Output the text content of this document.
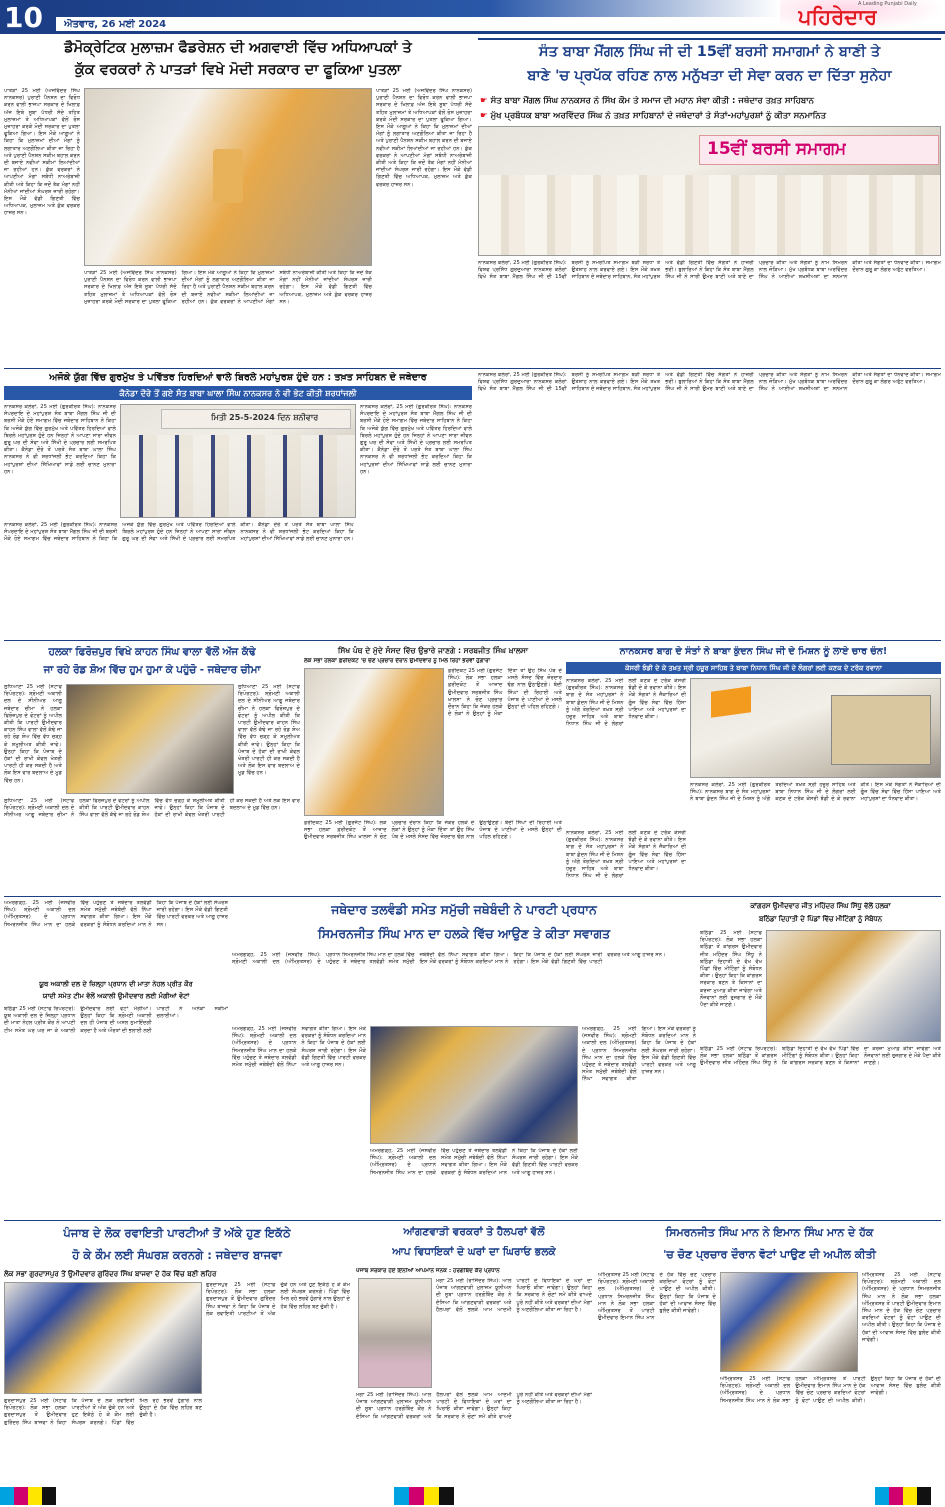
10 ਐਤਵਾਰ, 26 ਮਈ 2024
A Leading Punjabi Daily
ਪਹਿਰੇਦਾਰ
ਡੈਮੋਕ੍ਰੇਟਿਕ ਮੁਲਾਜ਼ਮ ਫੈਡਰੇਸ਼ਨ ਦੀ ਅਗਵਾਈ ਵਿੱਚ ਅਧਿਆਪਕਾਂ ਤੇ
ਕੁੱਕ ਵਰਕਰਾਂ ਨੇ ਪਾਤੜਾਂ ਵਿਖੇ ਮੋਦੀ ਸਰਕਾਰ ਦਾ ਫੂਕਿਆ ਪੁਤਲਾ
ਪਾਤੜਾਂ 25 ਮਈ (ਅਜਵਿੰਦਰ ਸਿੰਘ ਨਾਨਕਸਰ) ਪੁਰਾਣੀ ਪੈਨਸ਼ਨ ਦਾ ਵਿਰੋਧ ਕਰਨ ਵਾਲੀ ਭਾਜਪਾ ਸਰਕਾਰ ਦੇ ਖਿਲਾਫ਼ ਅੱਜ ਇਥੇ ਸੂਬਾ ਪੱਧਰੀ ਸੱਦੇ ਤਹਿਤ ਮੁਲਾਜ਼ਮਾਂ ਤੇ ਅਧਿਆਪਕਾਂ ਵੱਲੋਂ ਰੋਸ ਮੁਜ਼ਾਹਰਾ ਕਰਕੇ ਮੋਦੀ ਸਰਕਾਰ ਦਾ ਪੁਤਲਾ ਫੂਕਿਆ ਗਿਆ। ਇਸ ਮੌਕੇ ਆਗੂਆਂ ਨੇ ਕਿਹਾ ਕਿ ਮੁਲਾਜ਼ਮਾਂ ਦੀਆਂ ਮੰਗਾਂ ਨੂੰ ਲਗਾਤਾਰ ਅਣਗੌਲਿਆ ਕੀਤਾ ਜਾ ਰਿਹਾ ਹੈ ਅਤੇ ਪੁਰਾਣੀ ਪੈਨਸ਼ਨ ਸਕੀਮ ਬਹਾਲ ਕਰਨ ਦੀ ਬਜਾਏ ਨਵੀਆਂ ਸਕੀਮਾਂ ਲਿਆਂਦੀਆਂ ਜਾ ਰਹੀਆਂ ਹਨ। ਕੁੱਕ ਵਰਕਰਾਂ ਨੇ ਆਪਣੀਆਂ ਮੰਗਾਂ ਸਬੰਧੀ ਨਾਅਰੇਬਾਜ਼ੀ ਕੀਤੀ ਅਤੇ ਕਿਹਾ ਕਿ ਜਦੋਂ ਤੱਕ ਮੰਗਾਂ ਨਹੀਂ ਮੰਨੀਆਂ ਜਾਂਦੀਆਂ ਸੰਘਰਸ਼ ਜਾਰੀ ਰਹੇਗਾ। ਇਸ ਮੌਕੇ ਵੱਡੀ ਗਿਣਤੀ ਵਿੱਚ ਅਧਿਆਪਕ, ਮੁਲਾਜ਼ਮ ਅਤੇ ਕੁੱਕ ਵਰਕਰ ਹਾਜ਼ਰ ਸਨ।
ਪਾਤੜਾਂ 25 ਮਈ (ਅਜਵਿੰਦਰ ਸਿੰਘ ਨਾਨਕਸਰ) ਪੁਰਾਣੀ ਪੈਨਸ਼ਨ ਦਾ ਵਿਰੋਧ ਕਰਨ ਵਾਲੀ ਭਾਜਪਾ ਸਰਕਾਰ ਦੇ ਖਿਲਾਫ਼ ਅੱਜ ਇਥੇ ਸੂਬਾ ਪੱਧਰੀ ਸੱਦੇ ਤਹਿਤ ਮੁਲਾਜ਼ਮਾਂ ਤੇ ਅਧਿਆਪਕਾਂ ਵੱਲੋਂ ਰੋਸ ਮੁਜ਼ਾਹਰਾ ਕਰਕੇ ਮੋਦੀ ਸਰਕਾਰ ਦਾ ਪੁਤਲਾ ਫੂਕਿਆ ਗਿਆ। ਇਸ ਮੌਕੇ ਆਗੂਆਂ ਨੇ ਕਿਹਾ ਕਿ ਮੁਲਾਜ਼ਮਾਂ ਦੀਆਂ ਮੰਗਾਂ ਨੂੰ ਲਗਾਤਾਰ ਅਣਗੌਲਿਆ ਕੀਤਾ ਜਾ ਰਿਹਾ ਹੈ ਅਤੇ ਪੁਰਾਣੀ ਪੈਨਸ਼ਨ ਸਕੀਮ ਬਹਾਲ ਕਰਨ ਦੀ ਬਜਾਏ ਨਵੀਆਂ ਸਕੀਮਾਂ ਲਿਆਂਦੀਆਂ ਜਾ ਰਹੀਆਂ ਹਨ। ਕੁੱਕ ਵਰਕਰਾਂ ਨੇ ਆਪਣੀਆਂ ਮੰਗਾਂ ਸਬੰਧੀ ਨਾਅਰੇਬਾਜ਼ੀ ਕੀਤੀ ਅਤੇ ਕਿਹਾ ਕਿ ਜਦੋਂ ਤੱਕ ਮੰਗਾਂ ਨਹੀਂ ਮੰਨੀਆਂ ਜਾਂਦੀਆਂ ਸੰਘਰਸ਼ ਜਾਰੀ ਰਹੇਗਾ। ਇਸ ਮੌਕੇ ਵੱਡੀ ਗਿਣਤੀ ਵਿੱਚ ਅਧਿਆਪਕ, ਮੁਲਾਜ਼ਮ ਅਤੇ ਕੁੱਕ ਵਰਕਰ ਹਾਜ਼ਰ ਸਨ।
ਪਾਤੜਾਂ 25 ਮਈ (ਅਜਵਿੰਦਰ ਸਿੰਘ ਨਾਨਕਸਰ) ਪੁਰਾਣੀ ਪੈਨਸ਼ਨ ਦਾ ਵਿਰੋਧ ਕਰਨ ਵਾਲੀ ਭਾਜਪਾ ਸਰਕਾਰ ਦੇ ਖਿਲਾਫ਼ ਅੱਜ ਇਥੇ ਸੂਬਾ ਪੱਧਰੀ ਸੱਦੇ ਤਹਿਤ ਮੁਲਾਜ਼ਮਾਂ ਤੇ ਅਧਿਆਪਕਾਂ ਵੱਲੋਂ ਰੋਸ ਮੁਜ਼ਾਹਰਾ ਕਰਕੇ ਮੋਦੀ ਸਰਕਾਰ ਦਾ ਪੁਤਲਾ ਫੂਕਿਆ ਗਿਆ। ਇਸ ਮੌਕੇ ਆਗੂਆਂ ਨੇ ਕਿਹਾ ਕਿ ਮੁਲਾਜ਼ਮਾਂ ਦੀਆਂ ਮੰਗਾਂ ਨੂੰ ਲਗਾਤਾਰ ਅਣਗੌਲਿਆ ਕੀਤਾ ਜਾ ਰਿਹਾ ਹੈ ਅਤੇ ਪੁਰਾਣੀ ਪੈਨਸ਼ਨ ਸਕੀਮ ਬਹਾਲ ਕਰਨ ਦੀ ਬਜਾਏ ਨਵੀਆਂ ਸਕੀਮਾਂ ਲਿਆਂਦੀਆਂ ਜਾ ਰਹੀਆਂ ਹਨ। ਕੁੱਕ ਵਰਕਰਾਂ ਨੇ ਆਪਣੀਆਂ ਮੰਗਾਂ ਸਬੰਧੀ ਨਾਅਰੇਬਾਜ਼ੀ ਕੀਤੀ ਅਤੇ ਕਿਹਾ ਕਿ ਜਦੋਂ ਤੱਕ ਮੰਗਾਂ ਨਹੀਂ ਮੰਨੀਆਂ ਜਾਂਦੀਆਂ ਸੰਘਰਸ਼ ਜਾਰੀ ਰਹੇਗਾ। ਇਸ ਮੌਕੇ ਵੱਡੀ ਗਿਣਤੀ ਵਿੱਚ ਅਧਿਆਪਕ, ਮੁਲਾਜ਼ਮ ਅਤੇ ਕੁੱਕ ਵਰਕਰ ਹਾਜ਼ਰ ਸਨ।
ਸੰਤ ਬਾਬਾ ਮੈਂਗਲ ਸਿੰਘ ਜੀ ਦੀ 15ਵੀਂ ਬਰਸੀ ਸਮਾਗਮਾਂ ਨੇ ਬਾਣੀ ਤੇ
ਬਾਣੇ 'ਚ ਪ੍ਰਪੱਕ ਰਹਿਣ ਨਾਲ ਮਨੁੱਖਤਾ ਦੀ ਸੇਵਾ ਕਰਨ ਦਾ ਦਿੱਤਾ ਸੁਨੇਹਾ
☛ ਸੰਤ ਬਾਬਾ ਮੈਂਗਲ ਸਿੰਘ ਨਾਨਕਸਰ ਨੇ ਸਿੱਖ ਕੌਮ ਤੇ ਸਮਾਜ ਦੀ ਮਹਾਨ ਸੇਵਾ ਕੀਤੀ : ਜਥੇਦਾਰ ਤਖ਼ਤ ਸਾਹਿਬਾਨ
☛ ਮੁੱਖ ਪ੍ਰਬੰਧਕ ਬਾਬਾ ਅਰਵਿੰਦਰ ਸਿੰਘ ਨੇ ਤਖ਼ਤ ਸਾਹਿਬਾਨਾਂ ਦੇ ਜਥੇਦਾਰਾਂ ਤੇ ਸੰਤਾਂ-ਮਹਾਂਪੁਰਸ਼ਾਂ ਨੂੰ ਕੀਤਾ ਸਨਮਾਨਿਤ
15ਵੀਂ ਬਰਸੀ ਸਮਾਗਮ
ਨਾਨਕਸਰ ਕਲੇਰਾਂ, 25 ਮਈ (ਗੁਰਕੀਰਤ ਸਿੰਘ): ਵਿਸ਼ਵ ਪ੍ਰਸਿੱਧ ਗੁਰਦੁਆਰਾ ਨਾਨਕਸਰ ਕਲੇਰਾਂ ਵਿਖੇ ਸੰਤ ਬਾਬਾ ਮੈਂਗਲ ਸਿੰਘ ਜੀ ਦੀ 15ਵੀਂ ਬਰਸੀ ਨੂੰ ਸਮਰਪਿਤ ਸਮਾਗਮ ਬੜੀ ਸ਼ਰਧਾ ਤੇ ਉਤਸ਼ਾਹ ਨਾਲ ਕਰਵਾਏ ਗਏ। ਇਸ ਮੌਕੇ ਤਖ਼ਤ ਸਾਹਿਬਾਨ ਦੇ ਜਥੇਦਾਰ ਸਾਹਿਬਾਨ, ਸੰਤ ਮਹਾਂਪੁਰਸ਼ ਅਤੇ ਵੱਡੀ ਗਿਣਤੀ ਵਿੱਚ ਸੰਗਤਾਂ ਨੇ ਹਾਜ਼ਰੀ ਭਰੀ। ਬੁਲਾਰਿਆਂ ਨੇ ਕਿਹਾ ਕਿ ਸੰਤ ਬਾਬਾ ਮੈਂਗਲ ਸਿੰਘ ਜੀ ਨੇ ਸਾਰੀ ਉਮਰ ਬਾਣੀ ਅਤੇ ਬਾਣੇ ਦਾ ਪ੍ਰਚਾਰ ਕੀਤਾ ਅਤੇ ਸੰਗਤਾਂ ਨੂੰ ਨਾਮ ਸਿਮਰਨ ਨਾਲ ਜੋੜਿਆ। ਮੁੱਖ ਪ੍ਰਬੰਧਕ ਬਾਬਾ ਅਰਵਿੰਦਰ ਸਿੰਘ ਨੇ ਆਈਆਂ ਸ਼ਖ਼ਸੀਅਤਾਂ ਦਾ ਸਨਮਾਨ ਕੀਤਾ ਅਤੇ ਸੰਗਤਾਂ ਦਾ ਧੰਨਵਾਦ ਕੀਤਾ। ਸਮਾਗਮ ਦੌਰਾਨ ਗੁਰੂ ਕਾ ਲੰਗਰ ਅਤੁੱਟ ਵਰਤਿਆ।
ਅਜੋਕੇ ਯੁੱਗ ਵਿੱਚ ਗੁਰਮੁੱਖ ਤੇ ਪਵਿੱਤਰ ਹਿਰਦਿਆਂ ਵਾਲੇ ਬਿਰਲੇ ਮਹਾਂਪੁਰਸ਼ ਹੁੰਦੇ ਹਨ : ਤਖ਼ਤ ਸਾਹਿਬਨ ਦੇ ਜਥੇਦਾਰ
ਕੈਨੇਡਾ ਦੌਰੇ ਤੋਂ ਗਏ ਸੰਤ ਬਾਬਾ ਘਾਲਾ ਸਿੰਘ ਨਾਨਕਸਰ ਨੇ ਵੀ ਭੇਟ ਕੀਤੀ ਸ਼ਰਧਾਂਜਲੀ
ਨਾਨਕਸਰ ਕਲੇਰਾਂ, 25 ਮਈ (ਗੁਰਕੀਰਤ ਸਿੰਘ): ਨਾਨਕਸਰ ਸੰਪਰਦਾਇ ਦੇ ਮਹਾਂਪੁਰਸ਼ ਸੰਤ ਬਾਬਾ ਮੈਂਗਲ ਸਿੰਘ ਜੀ ਦੀ ਬਰਸੀ ਮੌਕੇ ਹੋਏ ਸਮਾਗਮ ਵਿੱਚ ਜਥੇਦਾਰ ਸਾਹਿਬਾਨ ਨੇ ਕਿਹਾ ਕਿ ਅਜੋਕੇ ਯੁੱਗ ਵਿੱਚ ਗੁਰਮੁੱਖ ਅਤੇ ਪਵਿੱਤਰ ਹਿਰਦਿਆਂ ਵਾਲੇ ਬਿਰਲੇ ਮਹਾਂਪੁਰਸ਼ ਹੁੰਦੇ ਹਨ ਜਿਨ੍ਹਾਂ ਨੇ ਆਪਣਾ ਸਾਰਾ ਜੀਵਨ ਗੁਰੂ ਘਰ ਦੀ ਸੇਵਾ ਅਤੇ ਸਿੱਖੀ ਦੇ ਪ੍ਰਚਾਰ ਲਈ ਸਮਰਪਿਤ ਕੀਤਾ। ਕੈਨੇਡਾ ਦੌਰੇ ਤੋਂ ਪਰਤੇ ਸੰਤ ਬਾਬਾ ਘਾਲਾ ਸਿੰਘ ਨਾਨਕਸਰ ਨੇ ਵੀ ਸ਼ਰਧਾਂਜਲੀ ਭੇਟ ਕਰਦਿਆਂ ਕਿਹਾ ਕਿ ਮਹਾਂਪੁਰਸ਼ਾਂ ਦੀਆਂ ਸਿੱਖਿਆਵਾਂ ਸਾਡੇ ਲਈ ਚਾਨਣ ਮੁਨਾਰਾ ਹਨ।
ਮਿਤੀ 25-5-2024 ਦਿਨ ਸ਼ਨੀਵਾਰ
ਨਾਨਕਸਰ ਕਲੇਰਾਂ, 25 ਮਈ (ਗੁਰਕੀਰਤ ਸਿੰਘ): ਨਾਨਕਸਰ ਸੰਪਰਦਾਇ ਦੇ ਮਹਾਂਪੁਰਸ਼ ਸੰਤ ਬਾਬਾ ਮੈਂਗਲ ਸਿੰਘ ਜੀ ਦੀ ਬਰਸੀ ਮੌਕੇ ਹੋਏ ਸਮਾਗਮ ਵਿੱਚ ਜਥੇਦਾਰ ਸਾਹਿਬਾਨ ਨੇ ਕਿਹਾ ਕਿ ਅਜੋਕੇ ਯੁੱਗ ਵਿੱਚ ਗੁਰਮੁੱਖ ਅਤੇ ਪਵਿੱਤਰ ਹਿਰਦਿਆਂ ਵਾਲੇ ਬਿਰਲੇ ਮਹਾਂਪੁਰਸ਼ ਹੁੰਦੇ ਹਨ ਜਿਨ੍ਹਾਂ ਨੇ ਆਪਣਾ ਸਾਰਾ ਜੀਵਨ ਗੁਰੂ ਘਰ ਦੀ ਸੇਵਾ ਅਤੇ ਸਿੱਖੀ ਦੇ ਪ੍ਰਚਾਰ ਲਈ ਸਮਰਪਿਤ ਕੀਤਾ। ਕੈਨੇਡਾ ਦੌਰੇ ਤੋਂ ਪਰਤੇ ਸੰਤ ਬਾਬਾ ਘਾਲਾ ਸਿੰਘ ਨਾਨਕਸਰ ਨੇ ਵੀ ਸ਼ਰਧਾਂਜਲੀ ਭੇਟ ਕਰਦਿਆਂ ਕਿਹਾ ਕਿ ਮਹਾਂਪੁਰਸ਼ਾਂ ਦੀਆਂ ਸਿੱਖਿਆਵਾਂ ਸਾਡੇ ਲਈ ਚਾਨਣ ਮੁਨਾਰਾ ਹਨ।
ਨਾਨਕਸਰ ਕਲੇਰਾਂ, 25 ਮਈ (ਗੁਰਕੀਰਤ ਸਿੰਘ): ਨਾਨਕਸਰ ਸੰਪਰਦਾਇ ਦੇ ਮਹਾਂਪੁਰਸ਼ ਸੰਤ ਬਾਬਾ ਮੈਂਗਲ ਸਿੰਘ ਜੀ ਦੀ ਬਰਸੀ ਮੌਕੇ ਹੋਏ ਸਮਾਗਮ ਵਿੱਚ ਜਥੇਦਾਰ ਸਾਹਿਬਾਨ ਨੇ ਕਿਹਾ ਕਿ ਅਜੋਕੇ ਯੁੱਗ ਵਿੱਚ ਗੁਰਮੁੱਖ ਅਤੇ ਪਵਿੱਤਰ ਹਿਰਦਿਆਂ ਵਾਲੇ ਬਿਰਲੇ ਮਹਾਂਪੁਰਸ਼ ਹੁੰਦੇ ਹਨ ਜਿਨ੍ਹਾਂ ਨੇ ਆਪਣਾ ਸਾਰਾ ਜੀਵਨ ਗੁਰੂ ਘਰ ਦੀ ਸੇਵਾ ਅਤੇ ਸਿੱਖੀ ਦੇ ਪ੍ਰਚਾਰ ਲਈ ਸਮਰਪਿਤ ਕੀਤਾ। ਕੈਨੇਡਾ ਦੌਰੇ ਤੋਂ ਪਰਤੇ ਸੰਤ ਬਾਬਾ ਘਾਲਾ ਸਿੰਘ ਨਾਨਕਸਰ ਨੇ ਵੀ ਸ਼ਰਧਾਂਜਲੀ ਭੇਟ ਕਰਦਿਆਂ ਕਿਹਾ ਕਿ ਮਹਾਂਪੁਰਸ਼ਾਂ ਦੀਆਂ ਸਿੱਖਿਆਵਾਂ ਸਾਡੇ ਲਈ ਚਾਨਣ ਮੁਨਾਰਾ ਹਨ।
ਨਾਨਕਸਰ ਕਲੇਰਾਂ, 25 ਮਈ (ਗੁਰਕੀਰਤ ਸਿੰਘ): ਵਿਸ਼ਵ ਪ੍ਰਸਿੱਧ ਗੁਰਦੁਆਰਾ ਨਾਨਕਸਰ ਕਲੇਰਾਂ ਵਿਖੇ ਸੰਤ ਬਾਬਾ ਮੈਂਗਲ ਸਿੰਘ ਜੀ ਦੀ 15ਵੀਂ ਬਰਸੀ ਨੂੰ ਸਮਰਪਿਤ ਸਮਾਗਮ ਬੜੀ ਸ਼ਰਧਾ ਤੇ ਉਤਸ਼ਾਹ ਨਾਲ ਕਰਵਾਏ ਗਏ। ਇਸ ਮੌਕੇ ਤਖ਼ਤ ਸਾਹਿਬਾਨ ਦੇ ਜਥੇਦਾਰ ਸਾਹਿਬਾਨ, ਸੰਤ ਮਹਾਂਪੁਰਸ਼ ਅਤੇ ਵੱਡੀ ਗਿਣਤੀ ਵਿੱਚ ਸੰਗਤਾਂ ਨੇ ਹਾਜ਼ਰੀ ਭਰੀ। ਬੁਲਾਰਿਆਂ ਨੇ ਕਿਹਾ ਕਿ ਸੰਤ ਬਾਬਾ ਮੈਂਗਲ ਸਿੰਘ ਜੀ ਨੇ ਸਾਰੀ ਉਮਰ ਬਾਣੀ ਅਤੇ ਬਾਣੇ ਦਾ ਪ੍ਰਚਾਰ ਕੀਤਾ ਅਤੇ ਸੰਗਤਾਂ ਨੂੰ ਨਾਮ ਸਿਮਰਨ ਨਾਲ ਜੋੜਿਆ। ਮੁੱਖ ਪ੍ਰਬੰਧਕ ਬਾਬਾ ਅਰਵਿੰਦਰ ਸਿੰਘ ਨੇ ਆਈਆਂ ਸ਼ਖ਼ਸੀਅਤਾਂ ਦਾ ਸਨਮਾਨ ਕੀਤਾ ਅਤੇ ਸੰਗਤਾਂ ਦਾ ਧੰਨਵਾਦ ਕੀਤਾ। ਸਮਾਗਮ ਦੌਰਾਨ ਗੁਰੂ ਕਾ ਲੰਗਰ ਅਤੁੱਟ ਵਰਤਿਆ।
ਹਲਕਾ ਫਿਰੋਜ਼ਪੁਰ ਵਿਖੇ ਕਾਹਨ ਸਿੰਘ ਵਾਲਾ ਵੱਲੋਂ ਅੱਜ ਕੱਢੇ
ਜਾ ਰਹੇ ਰੋਡ ਸ਼ੋਅ ਵਿੱਚ ਹੁਮ ਹੁਮਾ ਕੇ ਪਹੁੰਚੋ - ਜਥੇਦਾਰ ਚੀਮਾ
ਲੁਧਿਆਣਾ 25 ਮਈ (ਸਟਾਫ ਰਿਪੋਰਟਰ): ਸ਼੍ਰੋਮਣੀ ਅਕਾਲੀ ਦਲ ਦੇ ਸੀਨੀਅਰ ਆਗੂ ਜਥੇਦਾਰ ਚੀਮਾ ਨੇ ਹਲਕਾ ਫਿਰੋਜ਼ਪੁਰ ਦੇ ਵੋਟਰਾਂ ਨੂੰ ਅਪੀਲ ਕੀਤੀ ਕਿ ਪਾਰਟੀ ਉਮੀਦਵਾਰ ਕਾਹਨ ਸਿੰਘ ਵਾਲਾ ਵੱਲੋਂ ਕੱਢੇ ਜਾ ਰਹੇ ਰੋਡ ਸ਼ੋਅ ਵਿੱਚ ਵੱਧ ਚੜ੍ਹ ਕੇ ਸ਼ਮੂਲੀਅਤ ਕੀਤੀ ਜਾਵੇ। ਉਨ੍ਹਾਂ ਕਿਹਾ ਕਿ ਪੰਜਾਬ ਦੇ ਹੱਕਾਂ ਦੀ ਰਾਖੀ ਕੇਵਲ ਖੇਤਰੀ ਪਾਰਟੀ ਹੀ ਕਰ ਸਕਦੀ ਹੈ ਅਤੇ ਲੋਕ ਇਸ ਵਾਰ ਬਦਲਾਅ ਦੇ ਮੂਡ ਵਿੱਚ ਹਨ।
ਲੁਧਿਆਣਾ 25 ਮਈ (ਸਟਾਫ ਰਿਪੋਰਟਰ): ਸ਼੍ਰੋਮਣੀ ਅਕਾਲੀ ਦਲ ਦੇ ਸੀਨੀਅਰ ਆਗੂ ਜਥੇਦਾਰ ਚੀਮਾ ਨੇ ਹਲਕਾ ਫਿਰੋਜ਼ਪੁਰ ਦੇ ਵੋਟਰਾਂ ਨੂੰ ਅਪੀਲ ਕੀਤੀ ਕਿ ਪਾਰਟੀ ਉਮੀਦਵਾਰ ਕਾਹਨ ਸਿੰਘ ਵਾਲਾ ਵੱਲੋਂ ਕੱਢੇ ਜਾ ਰਹੇ ਰੋਡ ਸ਼ੋਅ ਵਿੱਚ ਵੱਧ ਚੜ੍ਹ ਕੇ ਸ਼ਮੂਲੀਅਤ ਕੀਤੀ ਜਾਵੇ। ਉਨ੍ਹਾਂ ਕਿਹਾ ਕਿ ਪੰਜਾਬ ਦੇ ਹੱਕਾਂ ਦੀ ਰਾਖੀ ਕੇਵਲ ਖੇਤਰੀ ਪਾਰਟੀ ਹੀ ਕਰ ਸਕਦੀ ਹੈ ਅਤੇ ਲੋਕ ਇਸ ਵਾਰ ਬਦਲਾਅ ਦੇ ਮੂਡ ਵਿੱਚ ਹਨ।
ਲੁਧਿਆਣਾ 25 ਮਈ (ਸਟਾਫ ਰਿਪੋਰਟਰ): ਸ਼੍ਰੋਮਣੀ ਅਕਾਲੀ ਦਲ ਦੇ ਸੀਨੀਅਰ ਆਗੂ ਜਥੇਦਾਰ ਚੀਮਾ ਨੇ ਹਲਕਾ ਫਿਰੋਜ਼ਪੁਰ ਦੇ ਵੋਟਰਾਂ ਨੂੰ ਅਪੀਲ ਕੀਤੀ ਕਿ ਪਾਰਟੀ ਉਮੀਦਵਾਰ ਕਾਹਨ ਸਿੰਘ ਵਾਲਾ ਵੱਲੋਂ ਕੱਢੇ ਜਾ ਰਹੇ ਰੋਡ ਸ਼ੋਅ ਵਿੱਚ ਵੱਧ ਚੜ੍ਹ ਕੇ ਸ਼ਮੂਲੀਅਤ ਕੀਤੀ ਜਾਵੇ। ਉਨ੍ਹਾਂ ਕਿਹਾ ਕਿ ਪੰਜਾਬ ਦੇ ਹੱਕਾਂ ਦੀ ਰਾਖੀ ਕੇਵਲ ਖੇਤਰੀ ਪਾਰਟੀ ਹੀ ਕਰ ਸਕਦੀ ਹੈ ਅਤੇ ਲੋਕ ਇਸ ਵਾਰ ਬਦਲਾਅ ਦੇ ਮੂਡ ਵਿੱਚ ਹਨ।
ਸਿੱਖ ਪੰਥ ਦੇ ਮੁੱਦੇ ਸੰਸਦ ਵਿੱਚ ਉਭਾਰੇ ਜਾਣਗੇ : ਸਰਬਜੀਤ ਸਿੰਘ ਖ਼ਾਲਸਾ
ਲੋਕ ਸਭਾ ਹਲਕਾ ਫ਼ਰੀਦਕੋਟ 'ਚ ਚੋਣ ਪ੍ਰਚਾਰ ਦੌਰਾਨ ਉਮੀਦਵਾਰ ਨੂੰ ਮਿਲ ਰਿਹਾ ਭਰਵਾਂ ਹੁੰਗਾਰਾ
ਫ਼ਰੀਦਕੋਟ 25 ਮਈ (ਗੁਰਜੰਟ ਸਿੰਘ): ਲੋਕ ਸਭਾ ਹਲਕਾ ਫ਼ਰੀਦਕੋਟ ਤੋਂ ਆਜ਼ਾਦ ਉਮੀਦਵਾਰ ਸਰਬਜੀਤ ਸਿੰਘ ਖ਼ਾਲਸਾ ਨੇ ਚੋਣ ਪ੍ਰਚਾਰ ਦੌਰਾਨ ਕਿਹਾ ਕਿ ਜੇਕਰ ਹਲਕੇ ਦੇ ਲੋਕਾਂ ਨੇ ਉਨ੍ਹਾਂ ਨੂੰ ਮੌਕਾ ਦਿੱਤਾ ਤਾਂ ਉਹ ਸਿੱਖ ਪੰਥ ਦੇ ਮਸਲੇ ਸੰਸਦ ਵਿੱਚ ਜ਼ੋਰਦਾਰ ਢੰਗ ਨਾਲ ਉਠਾਉਣਗੇ। ਬੰਦੀ ਸਿੰਘਾਂ ਦੀ ਰਿਹਾਈ ਅਤੇ ਪੰਜਾਬ ਦੇ ਪਾਣੀਆਂ ਦੇ ਮਸਲੇ ਉਨ੍ਹਾਂ ਦੀ ਪਹਿਲ ਰਹਿਣਗੇ।
ਫ਼ਰੀਦਕੋਟ 25 ਮਈ (ਗੁਰਜੰਟ ਸਿੰਘ): ਲੋਕ ਸਭਾ ਹਲਕਾ ਫ਼ਰੀਦਕੋਟ ਤੋਂ ਆਜ਼ਾਦ ਉਮੀਦਵਾਰ ਸਰਬਜੀਤ ਸਿੰਘ ਖ਼ਾਲਸਾ ਨੇ ਚੋਣ ਪ੍ਰਚਾਰ ਦੌਰਾਨ ਕਿਹਾ ਕਿ ਜੇਕਰ ਹਲਕੇ ਦੇ ਲੋਕਾਂ ਨੇ ਉਨ੍ਹਾਂ ਨੂੰ ਮੌਕਾ ਦਿੱਤਾ ਤਾਂ ਉਹ ਸਿੱਖ ਪੰਥ ਦੇ ਮਸਲੇ ਸੰਸਦ ਵਿੱਚ ਜ਼ੋਰਦਾਰ ਢੰਗ ਨਾਲ ਉਠਾਉਣਗੇ। ਬੰਦੀ ਸਿੰਘਾਂ ਦੀ ਰਿਹਾਈ ਅਤੇ ਪੰਜਾਬ ਦੇ ਪਾਣੀਆਂ ਦੇ ਮਸਲੇ ਉਨ੍ਹਾਂ ਦੀ ਪਹਿਲ ਰਹਿਣਗੇ।
ਨਾਨਕਸਰ ਬਾਗ ਦੇ ਸੰਤਾਂ ਨੇ ਬਾਬਾ ਕੁੰਦਨ ਸਿੰਘ ਜੀ ਦੇ ਮਿਸ਼ਨ ਨੂੰ ਲਾਏ ਚਾਰ ਚੰਨ!
ਕੇਸਰੀ ਝੰਡੀ ਦੇ ਕੇ ਤਖ਼ਤ ਸ੍ਰੀ ਹਜ਼ੂਰ ਸਾਹਿਬ ਤੇ ਬਾਬਾ ਨਿਧਾਨ ਸਿੰਘ ਜੀ ਦੇ ਲੰਗਰਾਂ ਲਈ ਕਣਕ ਦੇ ਟਰੱਕ ਰਵਾਨਾ
ਨਾਨਕਸਰ ਕਲੇਰਾਂ, 25 ਮਈ (ਗੁਰਕੀਰਤ ਸਿੰਘ): ਨਾਨਕਸਰ ਬਾਗ ਦੇ ਸੰਤ ਮਹਾਂਪੁਰਸ਼ਾਂ ਨੇ ਬਾਬਾ ਕੁੰਦਨ ਸਿੰਘ ਜੀ ਦੇ ਮਿਸ਼ਨ ਨੂੰ ਅੱਗੇ ਤੋਰਦਿਆਂ ਤਖ਼ਤ ਸ੍ਰੀ ਹਜ਼ੂਰ ਸਾਹਿਬ ਅਤੇ ਬਾਬਾ ਨਿਧਾਨ ਸਿੰਘ ਜੀ ਦੇ ਲੰਗਰਾਂ ਲਈ ਕਣਕ ਦੇ ਟਰੱਕ ਕੇਸਰੀ ਝੰਡੀ ਦੇ ਕੇ ਰਵਾਨਾ ਕੀਤੇ। ਇਸ ਮੌਕੇ ਸੰਗਤਾਂ ਨੇ ਜੈਕਾਰਿਆਂ ਦੀ ਗੂੰਜ ਵਿੱਚ ਸੇਵਾ ਵਿੱਚ ਹਿੱਸਾ ਪਾਇਆ ਅਤੇ ਮਹਾਂਪੁਰਸ਼ਾਂ ਦਾ ਧੰਨਵਾਦ ਕੀਤਾ।
ਨਾਨਕਸਰ ਕਲੇਰਾਂ, 25 ਮਈ (ਗੁਰਕੀਰਤ ਸਿੰਘ): ਨਾਨਕਸਰ ਬਾਗ ਦੇ ਸੰਤ ਮਹਾਂਪੁਰਸ਼ਾਂ ਨੇ ਬਾਬਾ ਕੁੰਦਨ ਸਿੰਘ ਜੀ ਦੇ ਮਿਸ਼ਨ ਨੂੰ ਅੱਗੇ ਤੋਰਦਿਆਂ ਤਖ਼ਤ ਸ੍ਰੀ ਹਜ਼ੂਰ ਸਾਹਿਬ ਅਤੇ ਬਾਬਾ ਨਿਧਾਨ ਸਿੰਘ ਜੀ ਦੇ ਲੰਗਰਾਂ ਲਈ ਕਣਕ ਦੇ ਟਰੱਕ ਕੇਸਰੀ ਝੰਡੀ ਦੇ ਕੇ ਰਵਾਨਾ ਕੀਤੇ। ਇਸ ਮੌਕੇ ਸੰਗਤਾਂ ਨੇ ਜੈਕਾਰਿਆਂ ਦੀ ਗੂੰਜ ਵਿੱਚ ਸੇਵਾ ਵਿੱਚ ਹਿੱਸਾ ਪਾਇਆ ਅਤੇ ਮਹਾਂਪੁਰਸ਼ਾਂ ਦਾ ਧੰਨਵਾਦ ਕੀਤਾ।
ਨਾਨਕਸਰ ਕਲੇਰਾਂ, 25 ਮਈ (ਗੁਰਕੀਰਤ ਸਿੰਘ): ਨਾਨਕਸਰ ਬਾਗ ਦੇ ਸੰਤ ਮਹਾਂਪੁਰਸ਼ਾਂ ਨੇ ਬਾਬਾ ਕੁੰਦਨ ਸਿੰਘ ਜੀ ਦੇ ਮਿਸ਼ਨ ਨੂੰ ਅੱਗੇ ਤੋਰਦਿਆਂ ਤਖ਼ਤ ਸ੍ਰੀ ਹਜ਼ੂਰ ਸਾਹਿਬ ਅਤੇ ਬਾਬਾ ਨਿਧਾਨ ਸਿੰਘ ਜੀ ਦੇ ਲੰਗਰਾਂ ਲਈ ਕਣਕ ਦੇ ਟਰੱਕ ਕੇਸਰੀ ਝੰਡੀ ਦੇ ਕੇ ਰਵਾਨਾ ਕੀਤੇ। ਇਸ ਮੌਕੇ ਸੰਗਤਾਂ ਨੇ ਜੈਕਾਰਿਆਂ ਦੀ ਗੂੰਜ ਵਿੱਚ ਸੇਵਾ ਵਿੱਚ ਹਿੱਸਾ ਪਾਇਆ ਅਤੇ ਮਹਾਂਪੁਰਸ਼ਾਂ ਦਾ ਧੰਨਵਾਦ ਕੀਤਾ।
ਜਥੇਦਾਰ ਤਲਵੰਡੀ ਸਮੇਤ ਸਮੁੱਚੀ ਜਥੇਬੰਦੀ ਨੇ ਪਾਰਟੀ ਪ੍ਰਧਾਨ
ਸਿਮਰਨਜੀਤ ਸਿੰਘ ਮਾਨ ਦਾ ਹਲਕੇ ਵਿੱਚ ਆਉਣ ਤੇ ਕੀਤਾ ਸਵਾਗਤ
ਅਮਰਗੜ੍ਹ, 25 ਮਈ (ਜਸਵੀਰ ਸਿੰਘ): ਸ਼੍ਰੋਮਣੀ ਅਕਾਲੀ ਦਲ (ਅੰਮ੍ਰਿਤਸਰ) ਦੇ ਪ੍ਰਧਾਨ ਸਿਮਰਨਜੀਤ ਸਿੰਘ ਮਾਨ ਦਾ ਹਲਕੇ ਵਿੱਚ ਪਹੁੰਚਣ ਤੇ ਜਥੇਦਾਰ ਤਲਵੰਡੀ ਸਮੇਤ ਸਮੁੱਚੀ ਜਥੇਬੰਦੀ ਵੱਲੋਂ ਨਿੱਘਾ ਸਵਾਗਤ ਕੀਤਾ ਗਿਆ। ਇਸ ਮੌਕੇ ਵਰਕਰਾਂ ਨੂੰ ਸੰਬੋਧਨ ਕਰਦਿਆਂ ਮਾਨ ਨੇ ਕਿਹਾ ਕਿ ਪੰਜਾਬ ਦੇ ਹੱਕਾਂ ਲਈ ਸੰਘਰਸ਼ ਜਾਰੀ ਰਹੇਗਾ। ਇਸ ਮੌਕੇ ਵੱਡੀ ਗਿਣਤੀ ਵਿੱਚ ਪਾਰਟੀ ਵਰਕਰ ਅਤੇ ਆਗੂ ਹਾਜ਼ਰ ਸਨ।
ਅਮਰਗੜ੍ਹ, 25 ਮਈ (ਜਸਵੀਰ ਸਿੰਘ): ਸ਼੍ਰੋਮਣੀ ਅਕਾਲੀ ਦਲ (ਅੰਮ੍ਰਿਤਸਰ) ਦੇ ਪ੍ਰਧਾਨ ਸਿਮਰਨਜੀਤ ਸਿੰਘ ਮਾਨ ਦਾ ਹਲਕੇ ਵਿੱਚ ਪਹੁੰਚਣ ਤੇ ਜਥੇਦਾਰ ਤਲਵੰਡੀ ਸਮੇਤ ਸਮੁੱਚੀ ਜਥੇਬੰਦੀ ਵੱਲੋਂ ਨਿੱਘਾ ਸਵਾਗਤ ਕੀਤਾ ਗਿਆ। ਇਸ ਮੌਕੇ ਵਰਕਰਾਂ ਨੂੰ ਸੰਬੋਧਨ ਕਰਦਿਆਂ ਮਾਨ ਨੇ ਕਿਹਾ ਕਿ ਪੰਜਾਬ ਦੇ ਹੱਕਾਂ ਲਈ ਸੰਘਰਸ਼ ਜਾਰੀ ਰਹੇਗਾ। ਇਸ ਮੌਕੇ ਵੱਡੀ ਗਿਣਤੀ ਵਿੱਚ ਪਾਰਟੀ ਵਰਕਰ ਅਤੇ ਆਗੂ ਹਾਜ਼ਰ ਸਨ।
ਅਮਰਗੜ੍ਹ, 25 ਮਈ (ਜਸਵੀਰ ਸਿੰਘ): ਸ਼੍ਰੋਮਣੀ ਅਕਾਲੀ ਦਲ (ਅੰਮ੍ਰਿਤਸਰ) ਦੇ ਪ੍ਰਧਾਨ ਸਿਮਰਨਜੀਤ ਸਿੰਘ ਮਾਨ ਦਾ ਹਲਕੇ ਵਿੱਚ ਪਹੁੰਚਣ ਤੇ ਜਥੇਦਾਰ ਤਲਵੰਡੀ ਸਮੇਤ ਸਮੁੱਚੀ ਜਥੇਬੰਦੀ ਵੱਲੋਂ ਨਿੱਘਾ ਸਵਾਗਤ ਕੀਤਾ ਗਿਆ। ਇਸ ਮੌਕੇ ਵਰਕਰਾਂ ਨੂੰ ਸੰਬੋਧਨ ਕਰਦਿਆਂ ਮਾਨ ਨੇ ਕਿਹਾ ਕਿ ਪੰਜਾਬ ਦੇ ਹੱਕਾਂ ਲਈ ਸੰਘਰਸ਼ ਜਾਰੀ ਰਹੇਗਾ। ਇਸ ਮੌਕੇ ਵੱਡੀ ਗਿਣਤੀ ਵਿੱਚ ਪਾਰਟੀ ਵਰਕਰ ਅਤੇ ਆਗੂ ਹਾਜ਼ਰ ਸਨ।
ਅਮਰਗੜ੍ਹ, 25 ਮਈ (ਜਸਵੀਰ ਸਿੰਘ): ਸ਼੍ਰੋਮਣੀ ਅਕਾਲੀ ਦਲ (ਅੰਮ੍ਰਿਤਸਰ) ਦੇ ਪ੍ਰਧਾਨ ਸਿਮਰਨਜੀਤ ਸਿੰਘ ਮਾਨ ਦਾ ਹਲਕੇ ਵਿੱਚ ਪਹੁੰਚਣ ਤੇ ਜਥੇਦਾਰ ਤਲਵੰਡੀ ਸਮੇਤ ਸਮੁੱਚੀ ਜਥੇਬੰਦੀ ਵੱਲੋਂ ਨਿੱਘਾ ਸਵਾਗਤ ਕੀਤਾ ਗਿਆ। ਇਸ ਮੌਕੇ ਵਰਕਰਾਂ ਨੂੰ ਸੰਬੋਧਨ ਕਰਦਿਆਂ ਮਾਨ ਨੇ ਕਿਹਾ ਕਿ ਪੰਜਾਬ ਦੇ ਹੱਕਾਂ ਲਈ ਸੰਘਰਸ਼ ਜਾਰੀ ਰਹੇਗਾ। ਇਸ ਮੌਕੇ ਵੱਡੀ ਗਿਣਤੀ ਵਿੱਚ ਪਾਰਟੀ ਵਰਕਰ ਅਤੇ ਆਗੂ ਹਾਜ਼ਰ ਸਨ।
ਯੂਥ ਅਕਾਲੀ ਦਲ ਦੇ ਜ਼ਿਲ੍ਹਾ ਪ੍ਰਧਾਨ ਦੀ ਮਾਤਾ ਨੇਹਲ ਪ੍ਰੀਤ ਕੌਰ
ਯਾਦੀ ਸਮੇਤ ਟੀਮ ਵੱਲੋਂ ਅਕਾਲੀ ਉਮੀਦਵਾਰ ਲਈ ਮੰਗੀਆਂ ਵੋਟਾਂ
ਬਠਿੰਡਾ 25 ਮਈ (ਸਟਾਫ ਰਿਪੋਰਟਰ): ਯੂਥ ਅਕਾਲੀ ਦਲ ਦੇ ਜ਼ਿਲ੍ਹਾ ਪ੍ਰਧਾਨ ਦੀ ਮਾਤਾ ਨੇਹਲ ਪ੍ਰੀਤ ਕੌਰ ਨੇ ਆਪਣੀ ਟੀਮ ਸਮੇਤ ਘਰ ਘਰ ਜਾ ਕੇ ਅਕਾਲੀ ਉਮੀਦਵਾਰ ਲਈ ਵੋਟਾਂ ਮੰਗੀਆਂ। ਉਨ੍ਹਾਂ ਕਿਹਾ ਕਿ ਸ਼੍ਰੋਮਣੀ ਅਕਾਲੀ ਦਲ ਹੀ ਪੰਜਾਬ ਦੀ ਅਸਲ ਨੁਮਾਇੰਦਗੀ ਕਰਦਾ ਹੈ ਅਤੇ ਔਰਤਾਂ ਦੀ ਭਲਾਈ ਲਈ ਪਾਰਟੀ ਨੇ ਅਨੇਕਾਂ ਸਕੀਮਾਂ ਚਲਾਈਆਂ।
ਅਮਰਗੜ੍ਹ, 25 ਮਈ (ਜਸਵੀਰ ਸਿੰਘ): ਸ਼੍ਰੋਮਣੀ ਅਕਾਲੀ ਦਲ (ਅੰਮ੍ਰਿਤਸਰ) ਦੇ ਪ੍ਰਧਾਨ ਸਿਮਰਨਜੀਤ ਸਿੰਘ ਮਾਨ ਦਾ ਹਲਕੇ ਵਿੱਚ ਪਹੁੰਚਣ ਤੇ ਜਥੇਦਾਰ ਤਲਵੰਡੀ ਸਮੇਤ ਸਮੁੱਚੀ ਜਥੇਬੰਦੀ ਵੱਲੋਂ ਨਿੱਘਾ ਸਵਾਗਤ ਕੀਤਾ ਗਿਆ। ਇਸ ਮੌਕੇ ਵਰਕਰਾਂ ਨੂੰ ਸੰਬੋਧਨ ਕਰਦਿਆਂ ਮਾਨ ਨੇ ਕਿਹਾ ਕਿ ਪੰਜਾਬ ਦੇ ਹੱਕਾਂ ਲਈ ਸੰਘਰਸ਼ ਜਾਰੀ ਰਹੇਗਾ। ਇਸ ਮੌਕੇ ਵੱਡੀ ਗਿਣਤੀ ਵਿੱਚ ਪਾਰਟੀ ਵਰਕਰ ਅਤੇ ਆਗੂ ਹਾਜ਼ਰ ਸਨ।
ਕਾਂਗਰਸ ਉਮੀਦਵਾਰ ਜੀਤ ਮਹਿੰਦਰ ਸਿੰਘ ਸਿੱਧੂ ਵੱਲੋਂ ਹਲਕਾ
ਬਠਿੰਡਾ ਦਿਹਾਤੀ ਦੇ ਪਿੰਡਾਂ ਵਿੱਚ ਮੀਟਿੰਗਾਂ ਨੂੰ ਸੰਬੋਧਨ
ਬਠਿੰਡਾ 25 ਮਈ (ਸਟਾਫ ਰਿਪੋਰਟਰ): ਲੋਕ ਸਭਾ ਹਲਕਾ ਬਠਿੰਡਾ ਤੋਂ ਕਾਂਗਰਸ ਉਮੀਦਵਾਰ ਜੀਤ ਮਹਿੰਦਰ ਸਿੰਘ ਸਿੱਧੂ ਨੇ ਬਠਿੰਡਾ ਦਿਹਾਤੀ ਦੇ ਵੱਖ ਵੱਖ ਪਿੰਡਾਂ ਵਿੱਚ ਮੀਟਿੰਗਾਂ ਨੂੰ ਸੰਬੋਧਨ ਕੀਤਾ। ਉਨ੍ਹਾਂ ਕਿਹਾ ਕਿ ਕਾਂਗਰਸ ਸਰਕਾਰ ਬਣਨ ਤੇ ਕਿਸਾਨਾਂ ਦਾ ਕਰਜ਼ਾ ਮੁਆਫ਼ ਕੀਤਾ ਜਾਵੇਗਾ ਅਤੇ ਨੌਜਵਾਨਾਂ ਲਈ ਰੁਜ਼ਗਾਰ ਦੇ ਮੌਕੇ ਪੈਦਾ ਕੀਤੇ ਜਾਣਗੇ।
ਬਠਿੰਡਾ 25 ਮਈ (ਸਟਾਫ ਰਿਪੋਰਟਰ): ਲੋਕ ਸਭਾ ਹਲਕਾ ਬਠਿੰਡਾ ਤੋਂ ਕਾਂਗਰਸ ਉਮੀਦਵਾਰ ਜੀਤ ਮਹਿੰਦਰ ਸਿੰਘ ਸਿੱਧੂ ਨੇ ਬਠਿੰਡਾ ਦਿਹਾਤੀ ਦੇ ਵੱਖ ਵੱਖ ਪਿੰਡਾਂ ਵਿੱਚ ਮੀਟਿੰਗਾਂ ਨੂੰ ਸੰਬੋਧਨ ਕੀਤਾ। ਉਨ੍ਹਾਂ ਕਿਹਾ ਕਿ ਕਾਂਗਰਸ ਸਰਕਾਰ ਬਣਨ ਤੇ ਕਿਸਾਨਾਂ ਦਾ ਕਰਜ਼ਾ ਮੁਆਫ਼ ਕੀਤਾ ਜਾਵੇਗਾ ਅਤੇ ਨੌਜਵਾਨਾਂ ਲਈ ਰੁਜ਼ਗਾਰ ਦੇ ਮੌਕੇ ਪੈਦਾ ਕੀਤੇ ਜਾਣਗੇ।
ਪੰਜਾਬ ਦੇ ਲੋਕ ਰਵਾਇਤੀ ਪਾਰਟੀਆਂ ਤੋਂ ਅੱਕੇ ਹੁਣ ਇਕੱਠੇ
ਹੋ ਕੇ ਕੌਮ ਲਈ ਸੰਘਰਸ਼ ਕਰਨਗੇ : ਜਥੇਦਾਰ ਬਾਜਵਾ
ਲੋਕ ਸਭਾ ਗੁਰਦਾਸਪੁਰ ਤੋਂ ਉਮੀਦਵਾਰ ਗੁਰਿੰਦਰ ਸਿੰਘ ਬਾਜਵਾ ਦੇ ਹੱਕ ਵਿੱਚ ਬਣੀ ਲਹਿਰ
ਗੁਰਦਾਸਪੁਰ 25 ਮਈ (ਸਟਾਫ ਰਿਪੋਰਟਰ): ਲੋਕ ਸਭਾ ਹਲਕਾ ਗੁਰਦਾਸਪੁਰ ਤੋਂ ਉਮੀਦਵਾਰ ਗੁਰਿੰਦਰ ਸਿੰਘ ਬਾਜਵਾ ਨੇ ਕਿਹਾ ਕਿ ਪੰਜਾਬ ਦੇ ਲੋਕ ਰਵਾਇਤੀ ਪਾਰਟੀਆਂ ਤੋਂ ਅੱਕ ਚੁੱਕੇ ਹਨ ਅਤੇ ਹੁਣ ਇਕੱਠੇ ਹੋ ਕੇ ਕੌਮ ਲਈ ਸੰਘਰਸ਼ ਕਰਨਗੇ। ਪਿੰਡਾਂ ਵਿੱਚ ਮਿਲ ਰਹੇ ਭਰਵੇਂ ਹੁੰਗਾਰੇ ਨਾਲ ਉਨ੍ਹਾਂ ਦੇ ਹੱਕ ਵਿੱਚ ਲਹਿਰ ਬਣ ਚੁੱਕੀ ਹੈ।
ਗੁਰਦਾਸਪੁਰ 25 ਮਈ (ਸਟਾਫ ਰਿਪੋਰਟਰ): ਲੋਕ ਸਭਾ ਹਲਕਾ ਗੁਰਦਾਸਪੁਰ ਤੋਂ ਉਮੀਦਵਾਰ ਗੁਰਿੰਦਰ ਸਿੰਘ ਬਾਜਵਾ ਨੇ ਕਿਹਾ ਕਿ ਪੰਜਾਬ ਦੇ ਲੋਕ ਰਵਾਇਤੀ ਪਾਰਟੀਆਂ ਤੋਂ ਅੱਕ ਚੁੱਕੇ ਹਨ ਅਤੇ ਹੁਣ ਇਕੱਠੇ ਹੋ ਕੇ ਕੌਮ ਲਈ ਸੰਘਰਸ਼ ਕਰਨਗੇ। ਪਿੰਡਾਂ ਵਿੱਚ ਮਿਲ ਰਹੇ ਭਰਵੇਂ ਹੁੰਗਾਰੇ ਨਾਲ ਉਨ੍ਹਾਂ ਦੇ ਹੱਕ ਵਿੱਚ ਲਹਿਰ ਬਣ ਚੁੱਕੀ ਹੈ।
ਆਂਗਣਵਾੜੀ ਵਰਕਰਾਂ ਤੇ ਹੈਲਪਰਾਂ ਵੱਲੋਂ
ਆਪ ਵਿਧਾਇਕਾਂ ਦੇ ਘਰਾਂ ਦਾ ਘਿਰਾਓ ਭਲਕੇ
ਪੰਜਾਬ ਸਰਕਾਰ ਹੋਏ ਇੰਨੀਆਂ ਆਪਮਾਨ ਜਨਕ : ਹਰਗੋਬਿੰਦ ਕੌਰ ਪ੍ਰਧਾਨ
ਮੋਗਾ 25 ਮਈ (ਰਾਜਿੰਦਰ ਸਿੰਘ): ਆਲ ਪੰਜਾਬ ਆਂਗਣਵਾੜੀ ਮੁਲਾਜ਼ਮ ਯੂਨੀਅਨ ਦੀ ਸੂਬਾ ਪ੍ਰਧਾਨ ਹਰਗੋਬਿੰਦ ਕੌਰ ਨੇ ਦੱਸਿਆ ਕਿ ਆਂਗਣਵਾੜੀ ਵਰਕਰਾਂ ਅਤੇ ਹੈਲਪਰਾਂ ਵੱਲੋਂ ਭਲਕੇ ਆਮ ਆਦਮੀ ਪਾਰਟੀ ਦੇ ਵਿਧਾਇਕਾਂ ਦੇ ਘਰਾਂ ਦਾ ਘਿਰਾਓ ਕੀਤਾ ਜਾਵੇਗਾ। ਉਨ੍ਹਾਂ ਕਿਹਾ ਕਿ ਸਰਕਾਰ ਨੇ ਚੋਣਾਂ ਸਮੇਂ ਕੀਤੇ ਵਾਅਦੇ ਪੂਰੇ ਨਹੀਂ ਕੀਤੇ ਅਤੇ ਵਰਕਰਾਂ ਦੀਆਂ ਮੰਗਾਂ ਨੂੰ ਅਣਗੌਲਿਆ ਕੀਤਾ ਜਾ ਰਿਹਾ ਹੈ।
ਮੋਗਾ 25 ਮਈ (ਰਾਜਿੰਦਰ ਸਿੰਘ): ਆਲ ਪੰਜਾਬ ਆਂਗਣਵਾੜੀ ਮੁਲਾਜ਼ਮ ਯੂਨੀਅਨ ਦੀ ਸੂਬਾ ਪ੍ਰਧਾਨ ਹਰਗੋਬਿੰਦ ਕੌਰ ਨੇ ਦੱਸਿਆ ਕਿ ਆਂਗਣਵਾੜੀ ਵਰਕਰਾਂ ਅਤੇ ਹੈਲਪਰਾਂ ਵੱਲੋਂ ਭਲਕੇ ਆਮ ਆਦਮੀ ਪਾਰਟੀ ਦੇ ਵਿਧਾਇਕਾਂ ਦੇ ਘਰਾਂ ਦਾ ਘਿਰਾਓ ਕੀਤਾ ਜਾਵੇਗਾ। ਉਨ੍ਹਾਂ ਕਿਹਾ ਕਿ ਸਰਕਾਰ ਨੇ ਚੋਣਾਂ ਸਮੇਂ ਕੀਤੇ ਵਾਅਦੇ ਪੂਰੇ ਨਹੀਂ ਕੀਤੇ ਅਤੇ ਵਰਕਰਾਂ ਦੀਆਂ ਮੰਗਾਂ ਨੂੰ ਅਣਗੌਲਿਆ ਕੀਤਾ ਜਾ ਰਿਹਾ ਹੈ।
ਸਿਮਰਨਜੀਤ ਸਿੰਘ ਮਾਨ ਨੇ ਇਮਾਨ ਸਿੰਘ ਮਾਨ ਦੇ ਹੱਕ
'ਚ ਚੋਣ ਪ੍ਰਚਾਰ ਦੌਰਾਨ ਵੋਟਾਂ ਪਾਉਣ ਦੀ ਅਪੀਲ ਕੀਤੀ
ਅੰਮ੍ਰਿਤਸਰ 25 ਮਈ (ਸਟਾਫ ਰਿਪੋਰਟਰ): ਸ਼੍ਰੋਮਣੀ ਅਕਾਲੀ ਦਲ (ਅੰਮ੍ਰਿਤਸਰ) ਦੇ ਪ੍ਰਧਾਨ ਸਿਮਰਨਜੀਤ ਸਿੰਘ ਮਾਨ ਨੇ ਲੋਕ ਸਭਾ ਹਲਕਾ ਅੰਮ੍ਰਿਤਸਰ ਤੋਂ ਪਾਰਟੀ ਉਮੀਦਵਾਰ ਇਮਾਨ ਸਿੰਘ ਮਾਨ ਦੇ ਹੱਕ ਵਿੱਚ ਚੋਣ ਪ੍ਰਚਾਰ ਕਰਦਿਆਂ ਵੋਟਰਾਂ ਨੂੰ ਵੋਟਾਂ ਪਾਉਣ ਦੀ ਅਪੀਲ ਕੀਤੀ। ਉਨ੍ਹਾਂ ਕਿਹਾ ਕਿ ਪੰਜਾਬ ਦੇ ਹੱਕਾਂ ਦੀ ਆਵਾਜ਼ ਸੰਸਦ ਵਿੱਚ ਬੁਲੰਦ ਕੀਤੀ ਜਾਵੇਗੀ।
ਅੰਮ੍ਰਿਤਸਰ 25 ਮਈ (ਸਟਾਫ ਰਿਪੋਰਟਰ): ਸ਼੍ਰੋਮਣੀ ਅਕਾਲੀ ਦਲ (ਅੰਮ੍ਰਿਤਸਰ) ਦੇ ਪ੍ਰਧਾਨ ਸਿਮਰਨਜੀਤ ਸਿੰਘ ਮਾਨ ਨੇ ਲੋਕ ਸਭਾ ਹਲਕਾ ਅੰਮ੍ਰਿਤਸਰ ਤੋਂ ਪਾਰਟੀ ਉਮੀਦਵਾਰ ਇਮਾਨ ਸਿੰਘ ਮਾਨ ਦੇ ਹੱਕ ਵਿੱਚ ਚੋਣ ਪ੍ਰਚਾਰ ਕਰਦਿਆਂ ਵੋਟਰਾਂ ਨੂੰ ਵੋਟਾਂ ਪਾਉਣ ਦੀ ਅਪੀਲ ਕੀਤੀ। ਉਨ੍ਹਾਂ ਕਿਹਾ ਕਿ ਪੰਜਾਬ ਦੇ ਹੱਕਾਂ ਦੀ ਆਵਾਜ਼ ਸੰਸਦ ਵਿੱਚ ਬੁਲੰਦ ਕੀਤੀ ਜਾਵੇਗੀ।
ਅੰਮ੍ਰਿਤਸਰ 25 ਮਈ (ਸਟਾਫ ਰਿਪੋਰਟਰ): ਸ਼੍ਰੋਮਣੀ ਅਕਾਲੀ ਦਲ (ਅੰਮ੍ਰਿਤਸਰ) ਦੇ ਪ੍ਰਧਾਨ ਸਿਮਰਨਜੀਤ ਸਿੰਘ ਮਾਨ ਨੇ ਲੋਕ ਸਭਾ ਹਲਕਾ ਅੰਮ੍ਰਿਤਸਰ ਤੋਂ ਪਾਰਟੀ ਉਮੀਦਵਾਰ ਇਮਾਨ ਸਿੰਘ ਮਾਨ ਦੇ ਹੱਕ ਵਿੱਚ ਚੋਣ ਪ੍ਰਚਾਰ ਕਰਦਿਆਂ ਵੋਟਰਾਂ ਨੂੰ ਵੋਟਾਂ ਪਾਉਣ ਦੀ ਅਪੀਲ ਕੀਤੀ। ਉਨ੍ਹਾਂ ਕਿਹਾ ਕਿ ਪੰਜਾਬ ਦੇ ਹੱਕਾਂ ਦੀ ਆਵਾਜ਼ ਸੰਸਦ ਵਿੱਚ ਬੁਲੰਦ ਕੀਤੀ ਜਾਵੇਗੀ।
